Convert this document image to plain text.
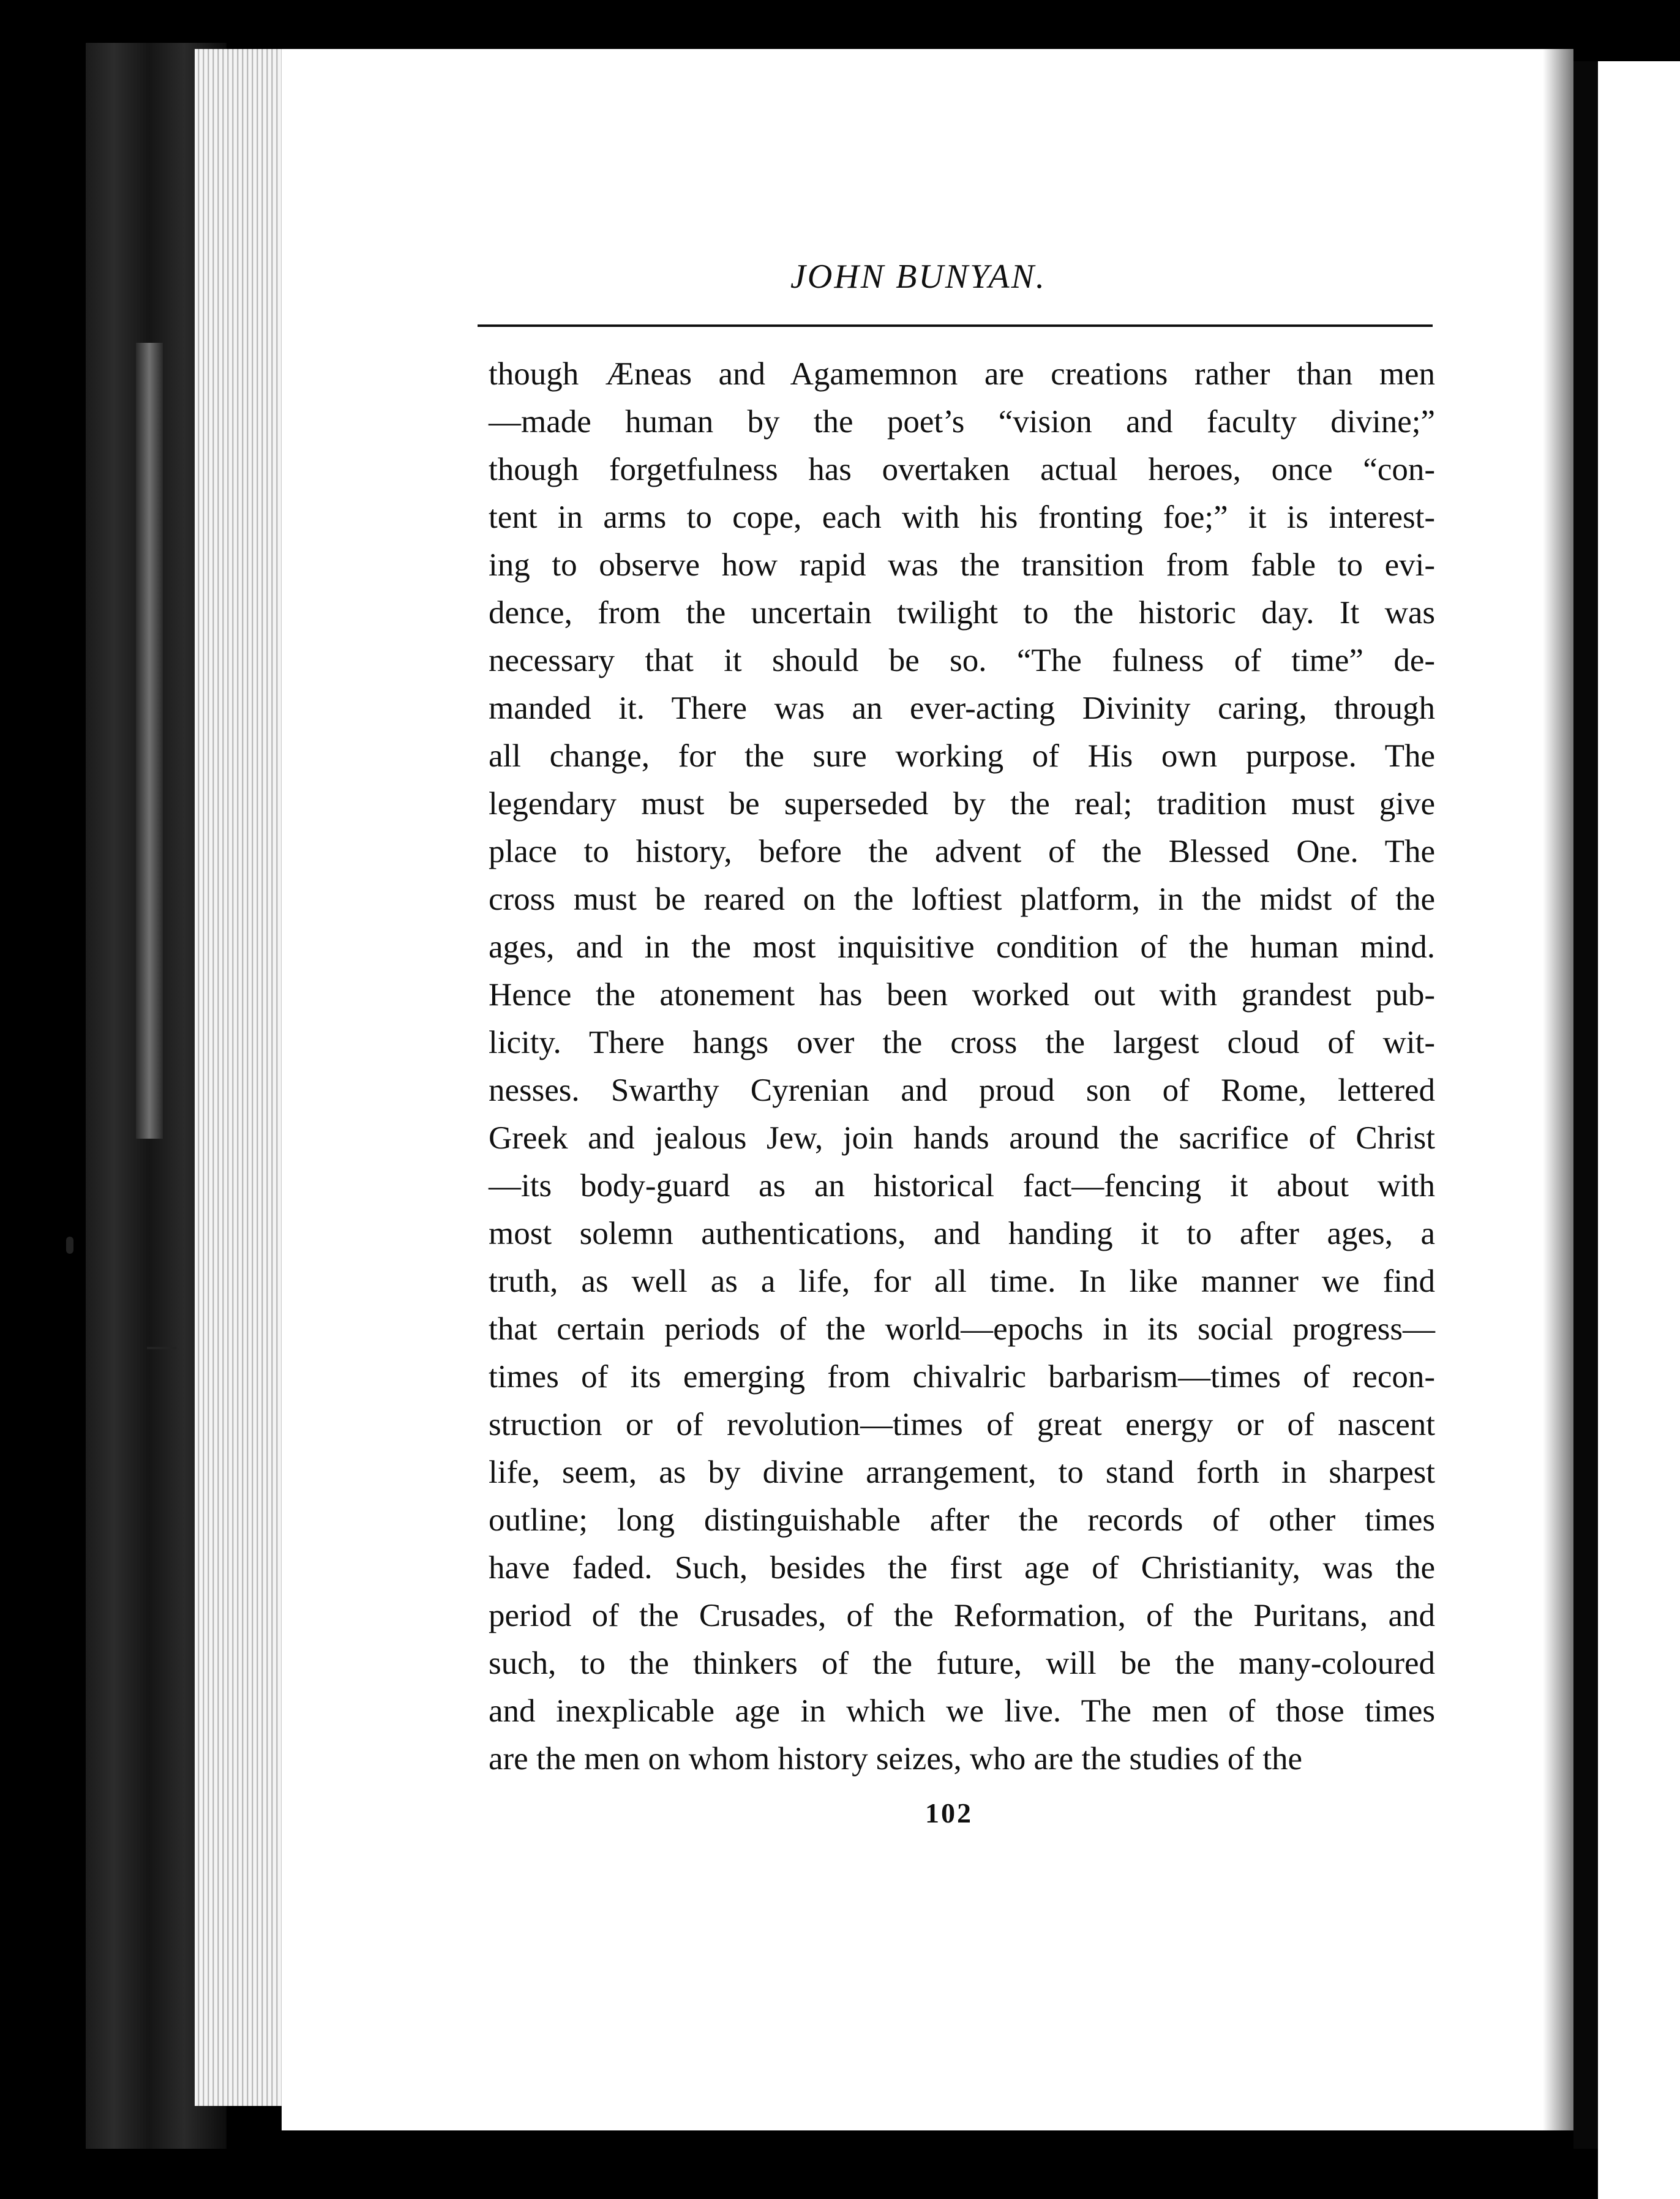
JOHN BUNYAN.
though Æneas and Agamemnon are creations rather than men
—made human by the poet’s “vision and faculty divine;”
though forgetfulness has overtaken actual heroes, once “con-
tent in arms to cope, each with his fronting foe;” it is interest-
ing to observe how rapid was the transition from fable to evi-
dence, from the uncertain twilight to the historic day. It was
necessary that it should be so. “The fulness of time” de-
manded it. There was an ever-acting Divinity caring, through
all change, for the sure working of His own purpose. The
legendary must be superseded by the real; tradition must give
place to history, before the advent of the Blessed One. The
cross must be reared on the loftiest platform, in the midst of the
ages, and in the most inquisitive condition of the human mind.
Hence the atonement has been worked out with grandest pub-
licity. There hangs over the cross the largest cloud of wit-
nesses. Swarthy Cyrenian and proud son of Rome, lettered
Greek and jealous Jew, join hands around the sacrifice of Christ
—its body-guard as an historical fact—fencing it about with
most solemn authentications, and handing it to after ages, a
truth, as well as a life, for all time. In like manner we find
that certain periods of the world—epochs in its social progress—
times of its emerging from chivalric barbarism—times of recon-
struction or of revolution—times of great energy or of nascent
life, seem, as by divine arrangement, to stand forth in sharpest
outline; long distinguishable after the records of other times
have faded. Such, besides the first age of Christianity, was the
period of the Crusades, of the Reformation, of the Puritans, and
such, to the thinkers of the future, will be the many-coloured
and inexplicable age in which we live. The men of those times
are the men on whom history seizes, who are the studies of the
102
